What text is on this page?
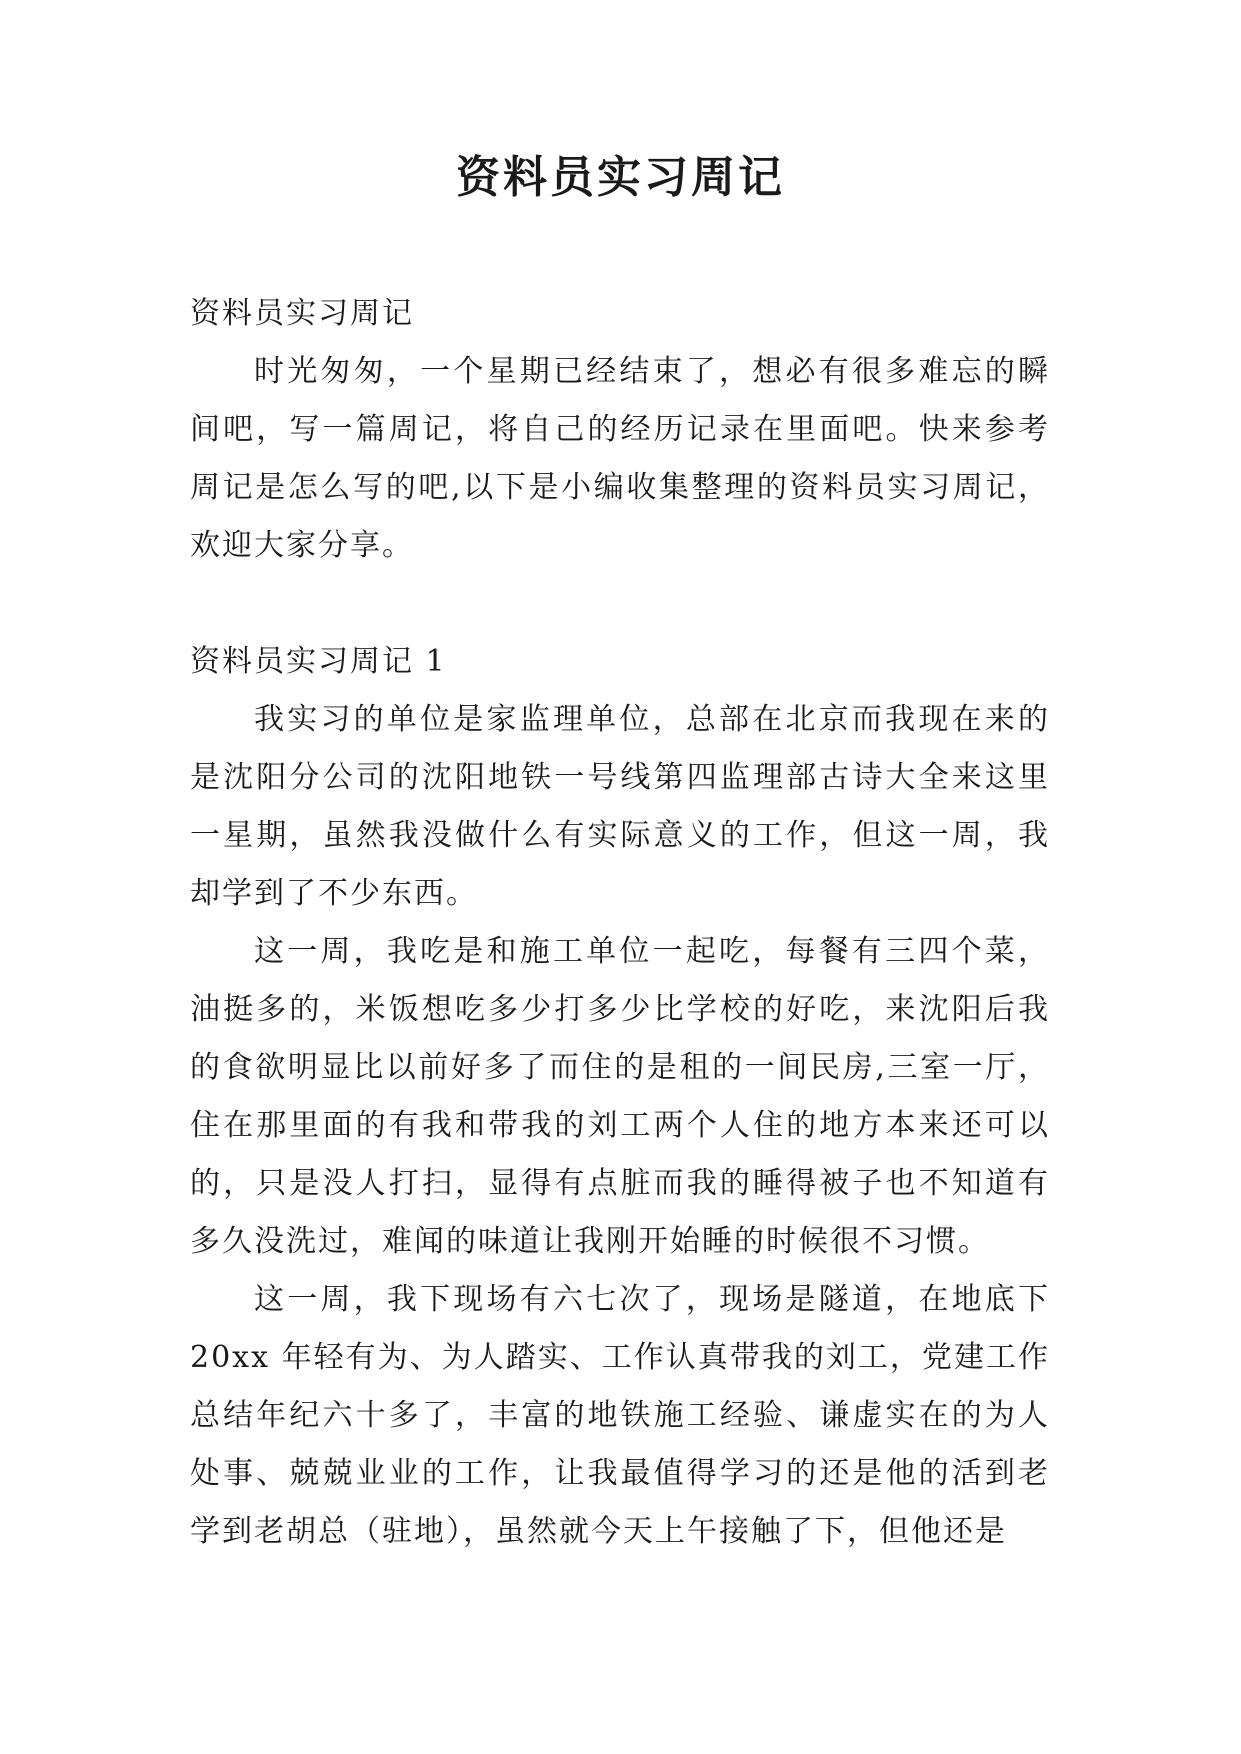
资料员实习周记

资料员实习周记

时光匆匆，一个星期已经结束了，想必有很多难忘的瞬间吧，写一篇周记，将自己的经历记录在里面吧。快来参考周记是怎么写的吧,以下是小编收集整理的资料员实习周记，欢迎大家分享。

资料员实习周记 1

我实习的单位是家监理单位，总部在北京而我现在来的是沈阳分公司的沈阳地铁一号线第四监理部古诗大全来这里一星期，虽然我没做什么有实际意义的工作，但这一周，我却学到了不少东西。

这一周，我吃是和施工单位一起吃，每餐有三四个菜，油挺多的，米饭想吃多少打多少比学校的好吃，来沈阳后我的食欲明显比以前好多了而住的是租的一间民房,三室一厅，住在那里面的有我和带我的刘工两个人住的地方本来还可以的，只是没人打扫，显得有点脏而我的睡得被子也不知道有多久没洗过，难闻的味道让我刚开始睡的时候很不习惯。

这一周，我下现场有六七次了，现场是隧道，在地底下 20xx 年轻有为、为人踏实、工作认真带我的刘工，党建工作总结年纪六十多了，丰富的地铁施工经验、谦虚实在的为人处事、兢兢业业的工作，让我最值得学习的还是他的活到老学到老胡总（驻地），虽然就今天上午接触了下，但他还是
